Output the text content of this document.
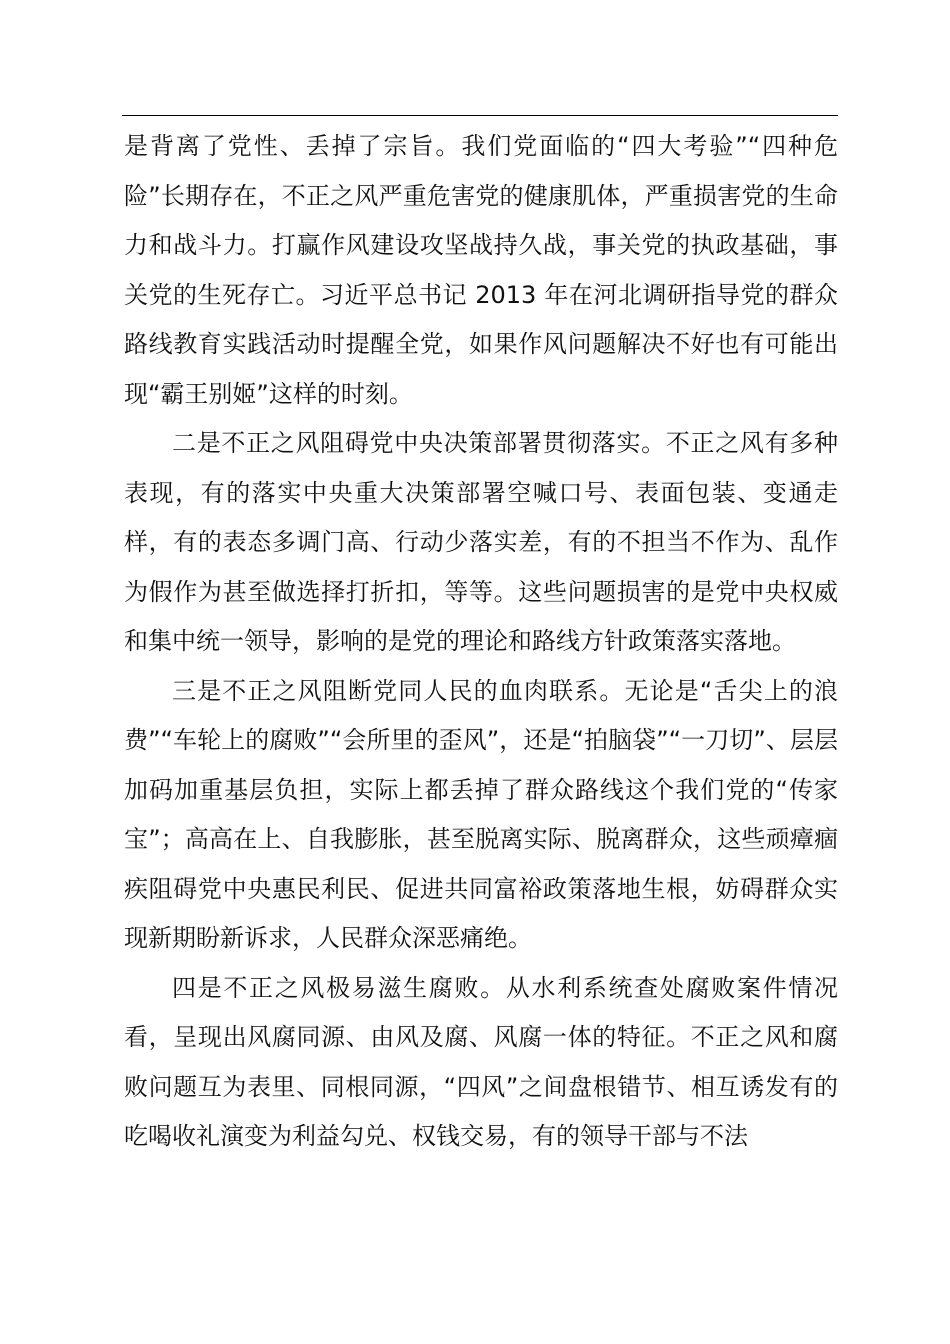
是背离了党性、丢掉了宗旨。我们党面临的“四大考验”“四种危险”长期存在，不正之风严重危害党的健康肌体，严重损害党的生命力和战斗力。打赢作风建设攻坚战持久战，事关党的执政基础，事关党的生死存亡。习近平总书记 2013 年在河北调研指导党的群众路线教育实践活动时提醒全党，如果作风问题解决不好也有可能出现“霸王别姬”这样的时刻。

二是不正之风阻碍党中央决策部署贯彻落实。不正之风有多种表现，有的落实中央重大决策部署空喊口号、表面包装、变通走样，有的表态多调门高、行动少落实差，有的不担当不作为、乱作为假作为甚至做选择打折扣，等等。这些问题损害的是党中央权威和集中统一领导，影响的是党的理论和路线方针政策落实落地。

三是不正之风阻断党同人民的血肉联系。无论是“舌尖上的浪费”“车轮上的腐败”“会所里的歪风”，还是“拍脑袋”“一刀切”、层层加码加重基层负担，实际上都丢掉了群众路线这个我们党的“传家宝”；高高在上、自我膨胀，甚至脱离实际、脱离群众，这些顽瘴痼疾阻碍党中央惠民利民、促进共同富裕政策落地生根，妨碍群众实现新期盼新诉求，人民群众深恶痛绝。

四是不正之风极易滋生腐败。从水利系统查处腐败案件情况看，呈现出风腐同源、由风及腐、风腐一体的特征。不正之风和腐败问题互为表里、同根同源，“四风”之间盘根错节、相互诱发有的吃喝收礼演变为利益勾兑、权钱交易，有的领导干部与不法
